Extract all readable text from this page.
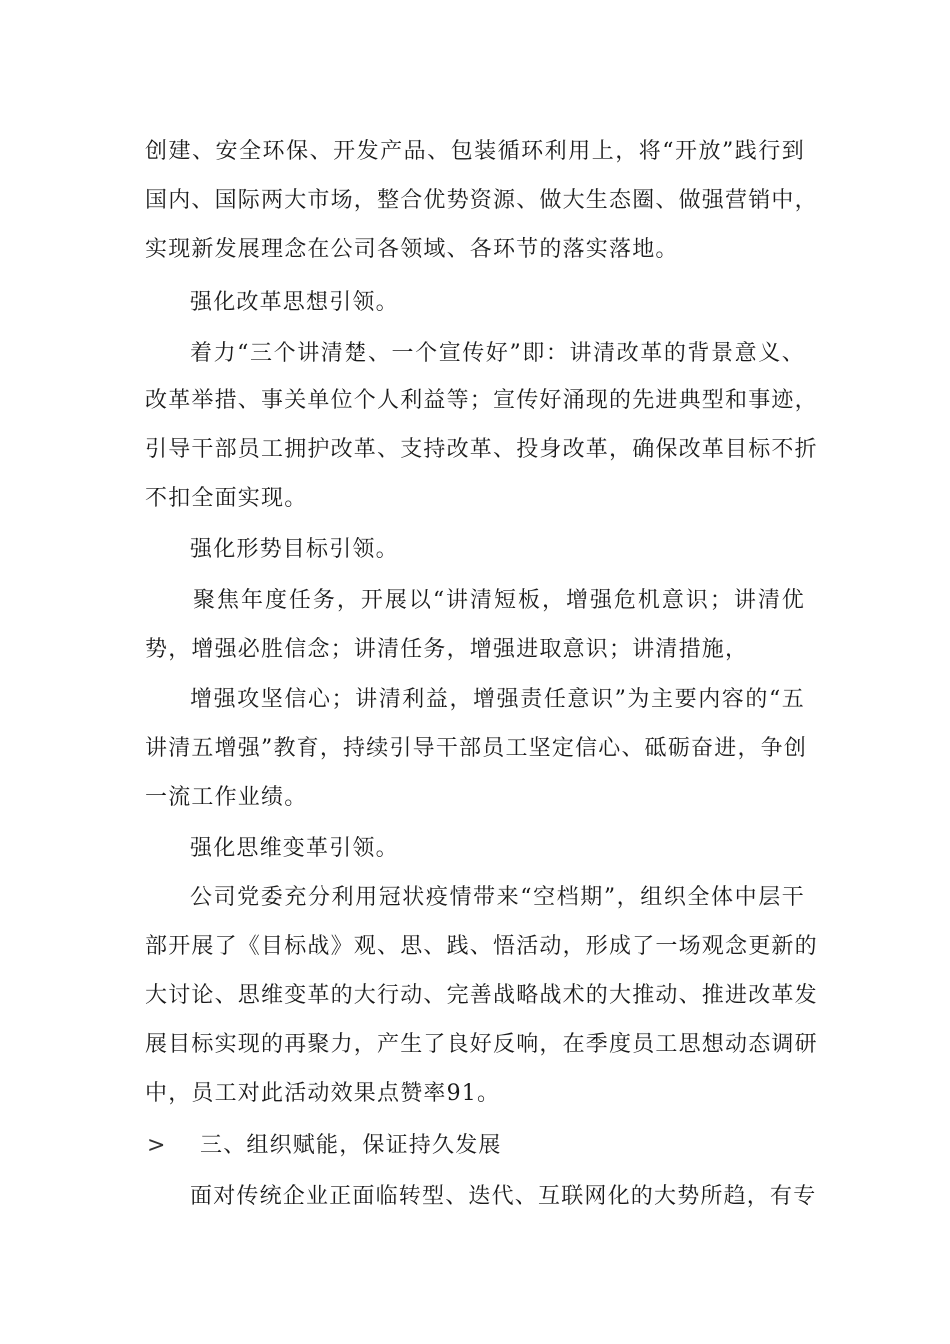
创建、安全环保、开发产品、包装循环利用上，将“开放”践行到
国内、国际两大市场，整合优势资源、做大生态圈、做强营销中，
实现新发展理念在公司各领域、各环节的落实落地。
强化改革思想引领。
着力“三个讲清楚、一个宣传好”即：讲清改革的背景意义、
改革举措、事关单位个人利益等；宣传好涌现的先进典型和事迹，
引导干部员工拥护改革、支持改革、投身改革，确保改革目标不折
不扣全面实现。
强化形势目标引领。
聚焦年度任务，开展以“讲清短板，增强危机意识；讲清优
势，增强必胜信念；讲清任务，增强进取意识；讲清措施，
增强攻坚信心；讲清利益，增强责任意识”为主要内容的“五
讲清五增强”教育，持续引导干部员工坚定信心、砥砺奋进，争创
一流工作业绩。
强化思维变革引领。
公司党委充分利用冠状疫情带来“空档期”，组织全体中层干
部开展了《目标战》观、思、践、悟活动，形成了一场观念更新的
大讨论、思维变革的大行动、完善战略战术的大推动、推进改革发
展目标实现的再聚力，产生了良好反响，在季度员工思想动态调研
中，员工对此活动效果点赞率91。
> 三、组织赋能，保证持久发展
面对传统企业正面临转型、迭代、互联网化的大势所趋，有专
